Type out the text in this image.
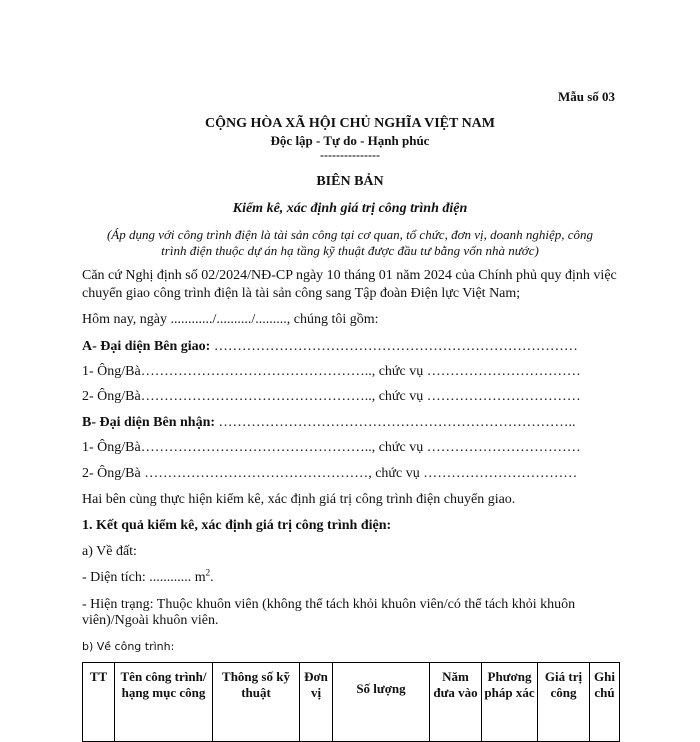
Mẫu số 03
CỘNG HÒA XÃ HỘI CHỦ NGHĨA VIỆT NAM
Độc lập - Tự do - Hạnh phúc
---------------
BIÊN BẢN
Kiểm kê, xác định giá trị công trình điện
(Áp dụng với công trình điện là tài sản công tại cơ quan, tổ chức, đơn vị, doanh nghiệp, công
trình điện thuộc dự án hạ tầng kỹ thuật được đầu tư bằng vốn nhà nước)
Căn cứ Nghị định số 02/2024/NĐ-CP ngày 10 tháng 01 năm 2024 của Chính phủ quy định việc
chuyển giao công trình điện là tài sản công sang Tập đoàn Điện lực Việt Nam;
Hôm nay, ngày ............/........../........., chúng tôi gồm:
A- Đại diện Bên giao: ……………………………………………………………………
1- Ông/Bà………………………………………….., chức vụ ……………………………
2- Ông/Bà………………………………………….., chức vụ ……………………………
B- Đại diện Bên nhận: …………………………………………………………………..
1- Ông/Bà………………………………………….., chức vụ ……………………………
2- Ông/Bà …………………………………………, chức vụ ……………………………
Hai bên cùng thực hiện kiểm kê, xác định giá trị công trình điện chuyển giao.
1. Kết quả kiểm kê, xác định giá trị công trình điện:
a) Về đất:
- Diện tích: ............ $m^2$.
- Hiện trạng: Thuộc khuôn viên (không thể tách khỏi khuôn viên/có thể tách khỏi khuôn
viên)/Ngoài khuôn viên.
b) Về công trình:
TT	Tên công trình/ hạng mục công	Thông số kỹ thuật	Đơn vị	Số lượng	Năm đưa vào	Phương pháp xác	Giá trị công	Ghi chú
